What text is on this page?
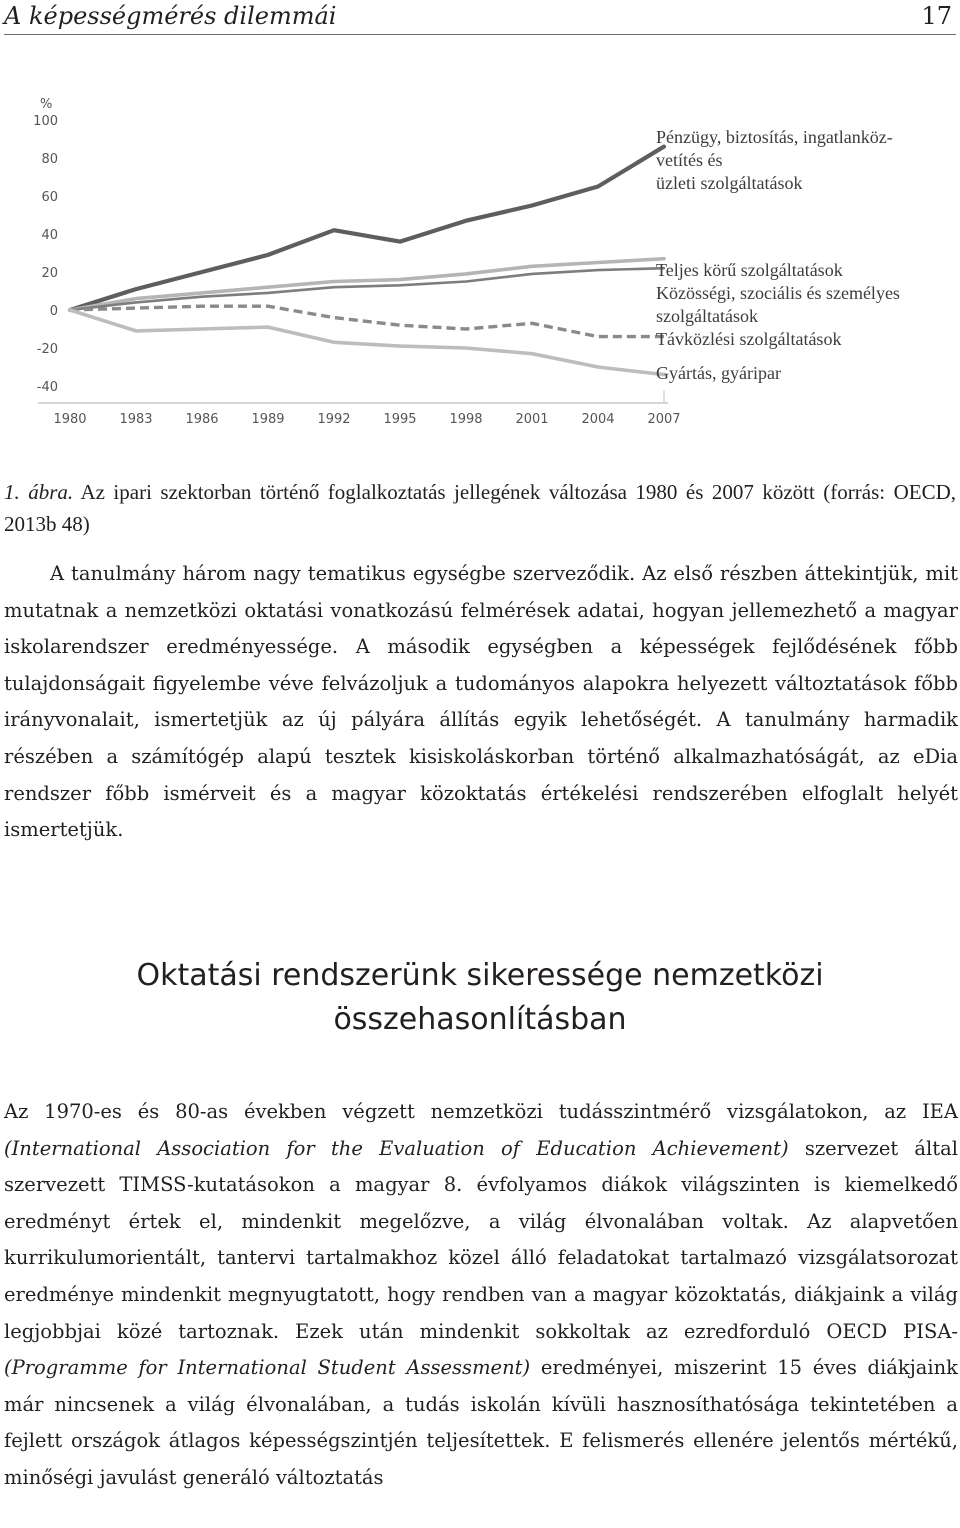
A képességmérés dilemmái	17
%
100
80
60
40
20
0
-20
-40
1980	1983	1986	1989	1992	1995	1998	2001	2004	2007
Pénzügy, biztosítás, ingatlanköz-
vetítés és
üzleti szolgáltatások
Teljes körű szolgáltatások
Közösségi, szociális és személyes
szolgáltatások
Távközlési szolgáltatások
Gyártás, gyáripar
1. ábra. Az ipari szektorban történő foglalkoztatás jellegének változása 1980 és 2007 között (forrás: OECD, 2013b 48)

A tanulmány három nagy tematikus egységbe szerveződik. Az első részben áttekintjük, mit mutatnak a nemzetközi oktatási vonatkozású felmérések adatai, hogyan jellemezhető a magyar iskolarendszer eredményessége. A második egységben a képességek fejlődésének főbb tulajdonságait figyelembe véve felvázoljuk a tudományos alapokra helyezett változtatások főbb irányvonalait, ismertetjük az új pályára állítás egyik lehetőségét. A tanulmány harmadik részében a számítógép alapú tesztek kisiskoláskorban történő alkalmazhatóságát, az eDia rendszer főbb ismérveit és a magyar közoktatás értékelési rendszerében elfoglalt helyét ismertetjük.

Oktatási rendszerünk sikeressége nemzetközi
összehasonlításban

Az 1970-es és 80-as években végzett nemzetközi tudásszintmérő vizsgálatokon, az IEA (International Association for the Evaluation of Education Achievement) szervezet által szervezett TIMSS-kutatásokon a magyar 8. évfolyamos diákok világszinten is kiemelkedő eredményt értek el, mindenkit megelőzve, a világ élvonalában voltak. Az alapvetően kurrikulumorientált, tantervi tartalmakhoz közel álló feladatokat tartalmazó vizsgálatsorozat eredménye mindenkit megnyugtatott, hogy rendben van a magyar közoktatás, diákjaink a világ legjobbjai közé tartoznak. Ezek után mindenkit sokkoltak az ezredforduló OECD PISA-(Programme for International Student Assessment) eredményei, miszerint 15 éves diákjaink már nincsenek a világ élvonalában, a tudás iskolán kívüli hasznosíthatósága tekintetében a fejlett országok átlagos képességszintjén teljesítettek. E felismerés ellenére jelentős mértékű, minőségi javulást generáló változtatás
